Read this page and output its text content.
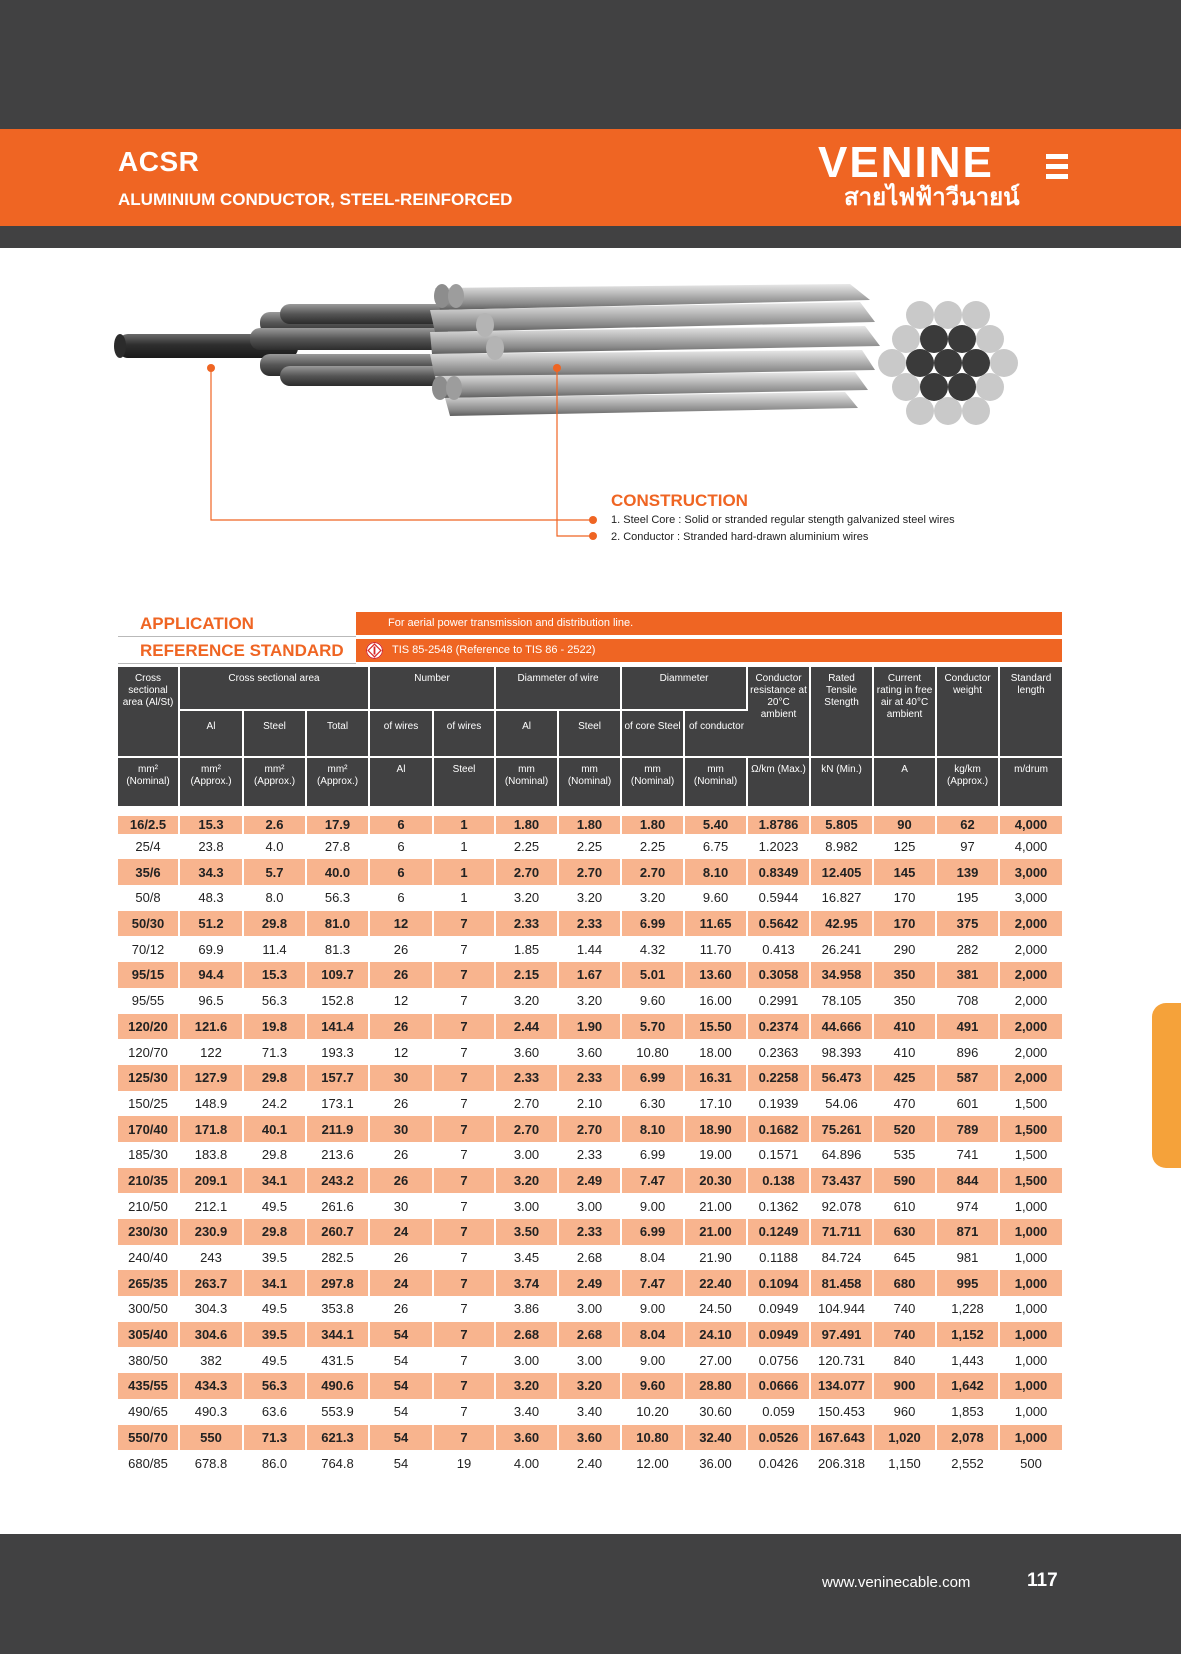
ACSR
ALUMINIUM CONDUCTOR, STEEL-REINFORCED
VENINE
สายไฟฟ้าวีนายน์
CONSTRUCTION
1. Steel Core : Solid or stranded regular stength galvanized steel wires
2. Conductor : Stranded hard-drawn aluminium wires
APPLICATION	For aerial power transmission and distribution line.
REFERENCE STANDARD	TIS 85-2548 (Reference to TIS 86 - 2522)
Cross sectional area (Al/St)	Cross sectional area			Number		Diammeter of wire		Diammeter		Conductor resistance at 20°C ambient	Rated Tensile Stength	Current rating in free air at 40°C ambient	Conductor weight	Standard length
	Al	Steel	Total	of wires	of wires	Al	Steel	of core Steel	of conductor					
mm² (Nominal)	mm² (Approx.)	mm² (Approx.)	mm² (Approx.)	Al	Steel	mm (Nominal)	mm (Nominal)	mm (Nominal)	mm (Nominal)	Ω/km (Max.)	kN (Min.)	A	kg/km (Approx.)	m/drum
16/2.5	15.3	2.6	17.9	6	1	1.80	1.80	1.80	5.40	1.8786	5.805	90	62	4,000
25/4	23.8	4.0	27.8	6	1	2.25	2.25	2.25	6.75	1.2023	8.982	125	97	4,000
35/6	34.3	5.7	40.0	6	1	2.70	2.70	2.70	8.10	0.8349	12.405	145	139	3,000
50/8	48.3	8.0	56.3	6	1	3.20	3.20	3.20	9.60	0.5944	16.827	170	195	3,000
50/30	51.2	29.8	81.0	12	7	2.33	2.33	6.99	11.65	0.5642	42.95	170	375	2,000
70/12	69.9	11.4	81.3	26	7	1.85	1.44	4.32	11.70	0.413	26.241	290	282	2,000
95/15	94.4	15.3	109.7	26	7	2.15	1.67	5.01	13.60	0.3058	34.958	350	381	2,000
95/55	96.5	56.3	152.8	12	7	3.20	3.20	9.60	16.00	0.2991	78.105	350	708	2,000
120/20	121.6	19.8	141.4	26	7	2.44	1.90	5.70	15.50	0.2374	44.666	410	491	2,000
120/70	122	71.3	193.3	12	7	3.60	3.60	10.80	18.00	0.2363	98.393	410	896	2,000
125/30	127.9	29.8	157.7	30	7	2.33	2.33	6.99	16.31	0.2258	56.473	425	587	2,000
150/25	148.9	24.2	173.1	26	7	2.70	2.10	6.30	17.10	0.1939	54.06	470	601	1,500
170/40	171.8	40.1	211.9	30	7	2.70	2.70	8.10	18.90	0.1682	75.261	520	789	1,500
185/30	183.8	29.8	213.6	26	7	3.00	2.33	6.99	19.00	0.1571	64.896	535	741	1,500
210/35	209.1	34.1	243.2	26	7	3.20	2.49	7.47	20.30	0.138	73.437	590	844	1,500
210/50	212.1	49.5	261.6	30	7	3.00	3.00	9.00	21.00	0.1362	92.078	610	974	1,000
230/30	230.9	29.8	260.7	24	7	3.50	2.33	6.99	21.00	0.1249	71.711	630	871	1,000
240/40	243	39.5	282.5	26	7	3.45	2.68	8.04	21.90	0.1188	84.724	645	981	1,000
265/35	263.7	34.1	297.8	24	7	3.74	2.49	7.47	22.40	0.1094	81.458	680	995	1,000
300/50	304.3	49.5	353.8	26	7	3.86	3.00	9.00	24.50	0.0949	104.944	740	1,228	1,000
305/40	304.6	39.5	344.1	54	7	2.68	2.68	8.04	24.10	0.0949	97.491	740	1,152	1,000
380/50	382	49.5	431.5	54	7	3.00	3.00	9.00	27.00	0.0756	120.731	840	1,443	1,000
435/55	434.3	56.3	490.6	54	7	3.20	3.20	9.60	28.80	0.0666	134.077	900	1,642	1,000
490/65	490.3	63.6	553.9	54	7	3.40	3.40	10.20	30.60	0.059	150.453	960	1,853	1,000
550/70	550	71.3	621.3	54	7	3.60	3.60	10.80	32.40	0.0526	167.643	1,020	2,078	1,000
680/85	678.8	86.0	764.8	54	19	4.00	2.40	12.00	36.00	0.0426	206.318	1,150	2,552	500
www.veninecable.com	117
